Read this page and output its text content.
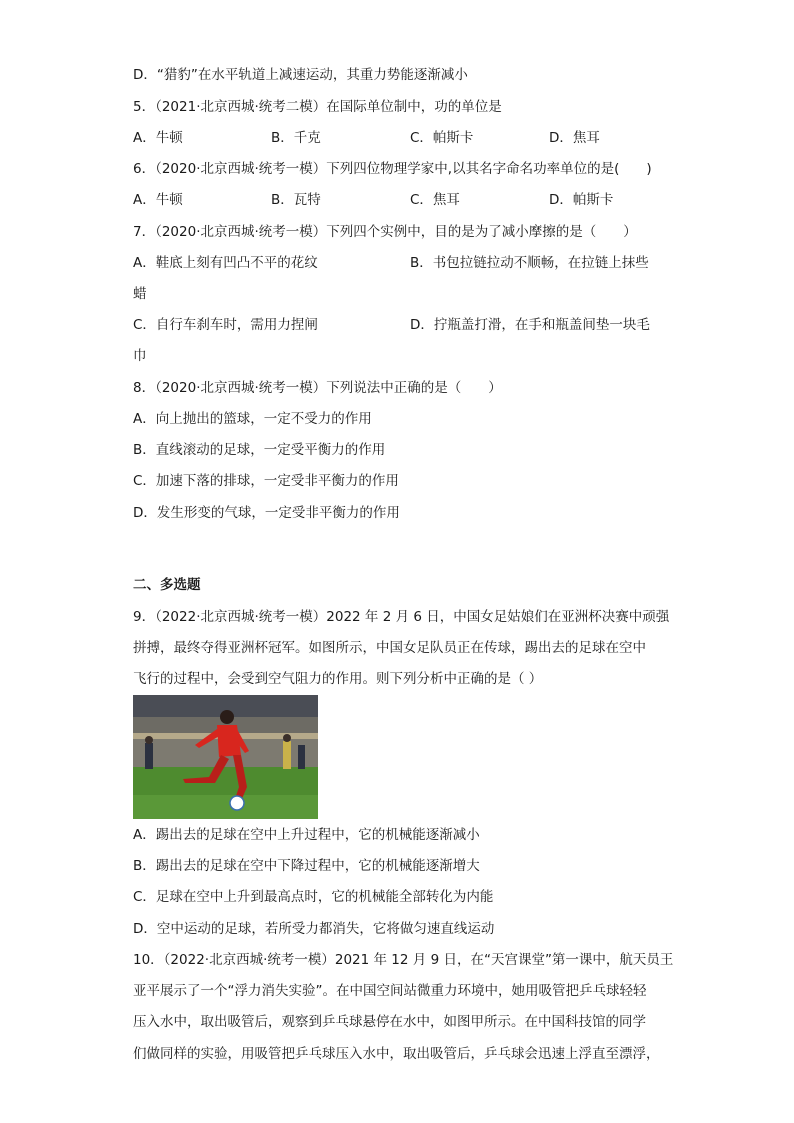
D．“猎豹”在水平轨道上减速运动，其重力势能逐渐减小
5．（2021·北京西城·统考二模）在国际单位制中，功的单位是
A．牛顿	B．千克	C．帕斯卡	D．焦耳
6．（2020·北京西城·统考一模）下列四位物理学家中,以其名字命名功率单位的是(　　)
A．牛顿	B．瓦特	C．焦耳	D．帕斯卡
7．（2020·北京西城·统考一模）下列四个实例中，目的是为了减小摩擦的是（　　）
A．鞋底上刻有凹凸不平的花纹	B．书包拉链拉动不顺畅，在拉链上抹些
蜡
C．自行车刹车时，需用力捏闸	D．拧瓶盖打滑，在手和瓶盖间垫一块毛
巾
8．（2020·北京西城·统考一模）下列说法中正确的是（　　）
A．向上抛出的篮球，一定不受力的作用
B．直线滚动的足球，一定受平衡力的作用
C．加速下落的排球，一定受非平衡力的作用
D．发生形变的气球，一定受非平衡力的作用
二、多选题
9．（2022·北京西城·统考一模）2022 年 2 月 6 日，中国女足姑娘们在亚洲杯决赛中顽强
拼搏，最终夺得亚洲杯冠军。如图所示，中国女足队员正在传球，踢出去的足球在空中
飞行的过程中，会受到空气阻力的作用。则下列分析中正确的是（ ）
A．踢出去的足球在空中上升过程中，它的机械能逐渐减小
B．踢出去的足球在空中下降过程中，它的机械能逐渐增大
C．足球在空中上升到最高点时，它的机械能全部转化为内能
D．空中运动的足球，若所受力都消失，它将做匀速直线运动
10．（2022·北京西城·统考一模）2021 年 12 月 9 日，在“天宫课堂”第一课中，航天员王
亚平展示了一个“浮力消失实验”。在中国空间站微重力环境中，她用吸管把乒乓球轻轻
压入水中，取出吸管后，观察到乒乓球悬停在水中，如图甲所示。在中国科技馆的同学
们做同样的实验，用吸管把乒乓球压入水中，取出吸管后，乒乓球会迅速上浮直至漂浮，
